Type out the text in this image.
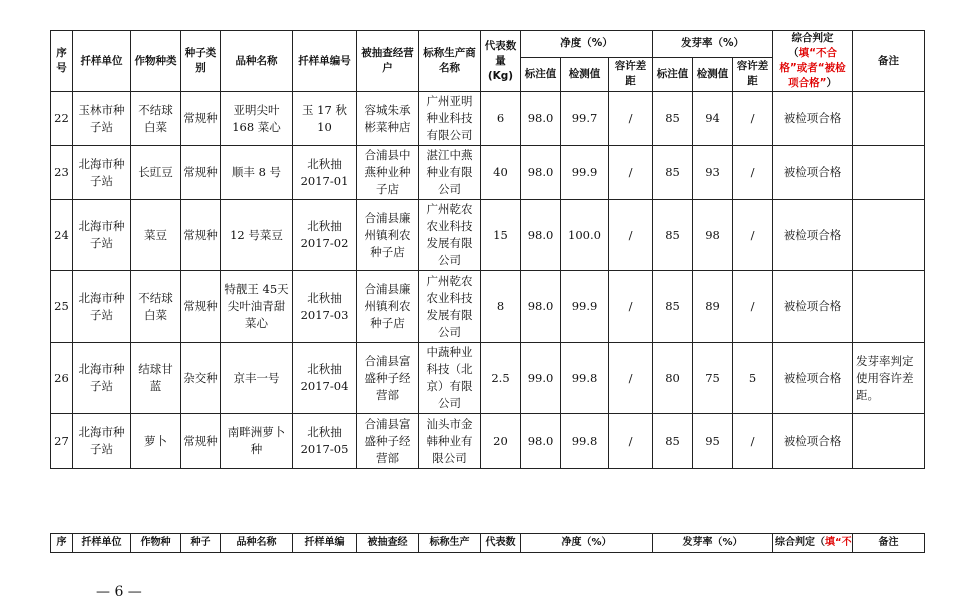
序号	扦样单位	作物种类	种子类别	品种名称	扦样单编号	被抽查经营户	标称生产商名称	代表数量(Kg)	净度（%）			发芽率（%）			综合判定（填“不合格”或者“被检项合格”）	备注
									标注值	检测值	容许差距	标注值	检测值	容许差距		
22	玉林市种子站	不结球白菜	常规种	亚明尖叶168 菜心	玉 17 秋10	容城朱承彬菜种店	广州亚明种业科技有限公司	6	98.0	99.7	/	85	94	/	被检项合格	
23	北海市种子站	长豇豆	常规种	顺丰 8 号	北秋抽2017-01	合浦县中燕种业种子店	湛江中燕种业有限公司	40	98.0	99.9	/	85	93	/	被检项合格	
24	北海市种子站	菜豆	常规种	12 号菜豆	北秋抽2017-02	合浦县廉州镇利农种子店	广州乾农农业科技发展有限公司	15	98.0	100.0	/	85	98	/	被检项合格	
25	北海市种子站	不结球白菜	常规种	特靓王 45天尖叶油青甜菜心	北秋抽2017-03	合浦县廉州镇利农种子店	广州乾农农业科技发展有限公司	8	98.0	99.9	/	85	89	/	被检项合格	
26	北海市种子站	结球甘蓝	杂交种	京丰一号	北秋抽2017-04	合浦县富盛种子经营部	中蔬种业科技（北京）有限公司	2.5	99.0	99.8	/	80	75	5	被检项合格	发芽率判定使用容许差距。
27	北海市种子站	萝卜	常规种	南畔洲萝卜种	北秋抽2017-05	合浦县富盛种子经营部	汕头市金韩种业有限公司	20	98.0	99.8	/	85	95	/	被检项合格	
序	扦样单位	作物种	种子	品种名称	扦样单编	被抽查经	标称生产	代表数	净度（%）	发芽率（%）	综合判定（填“不	备注
— 6 —
